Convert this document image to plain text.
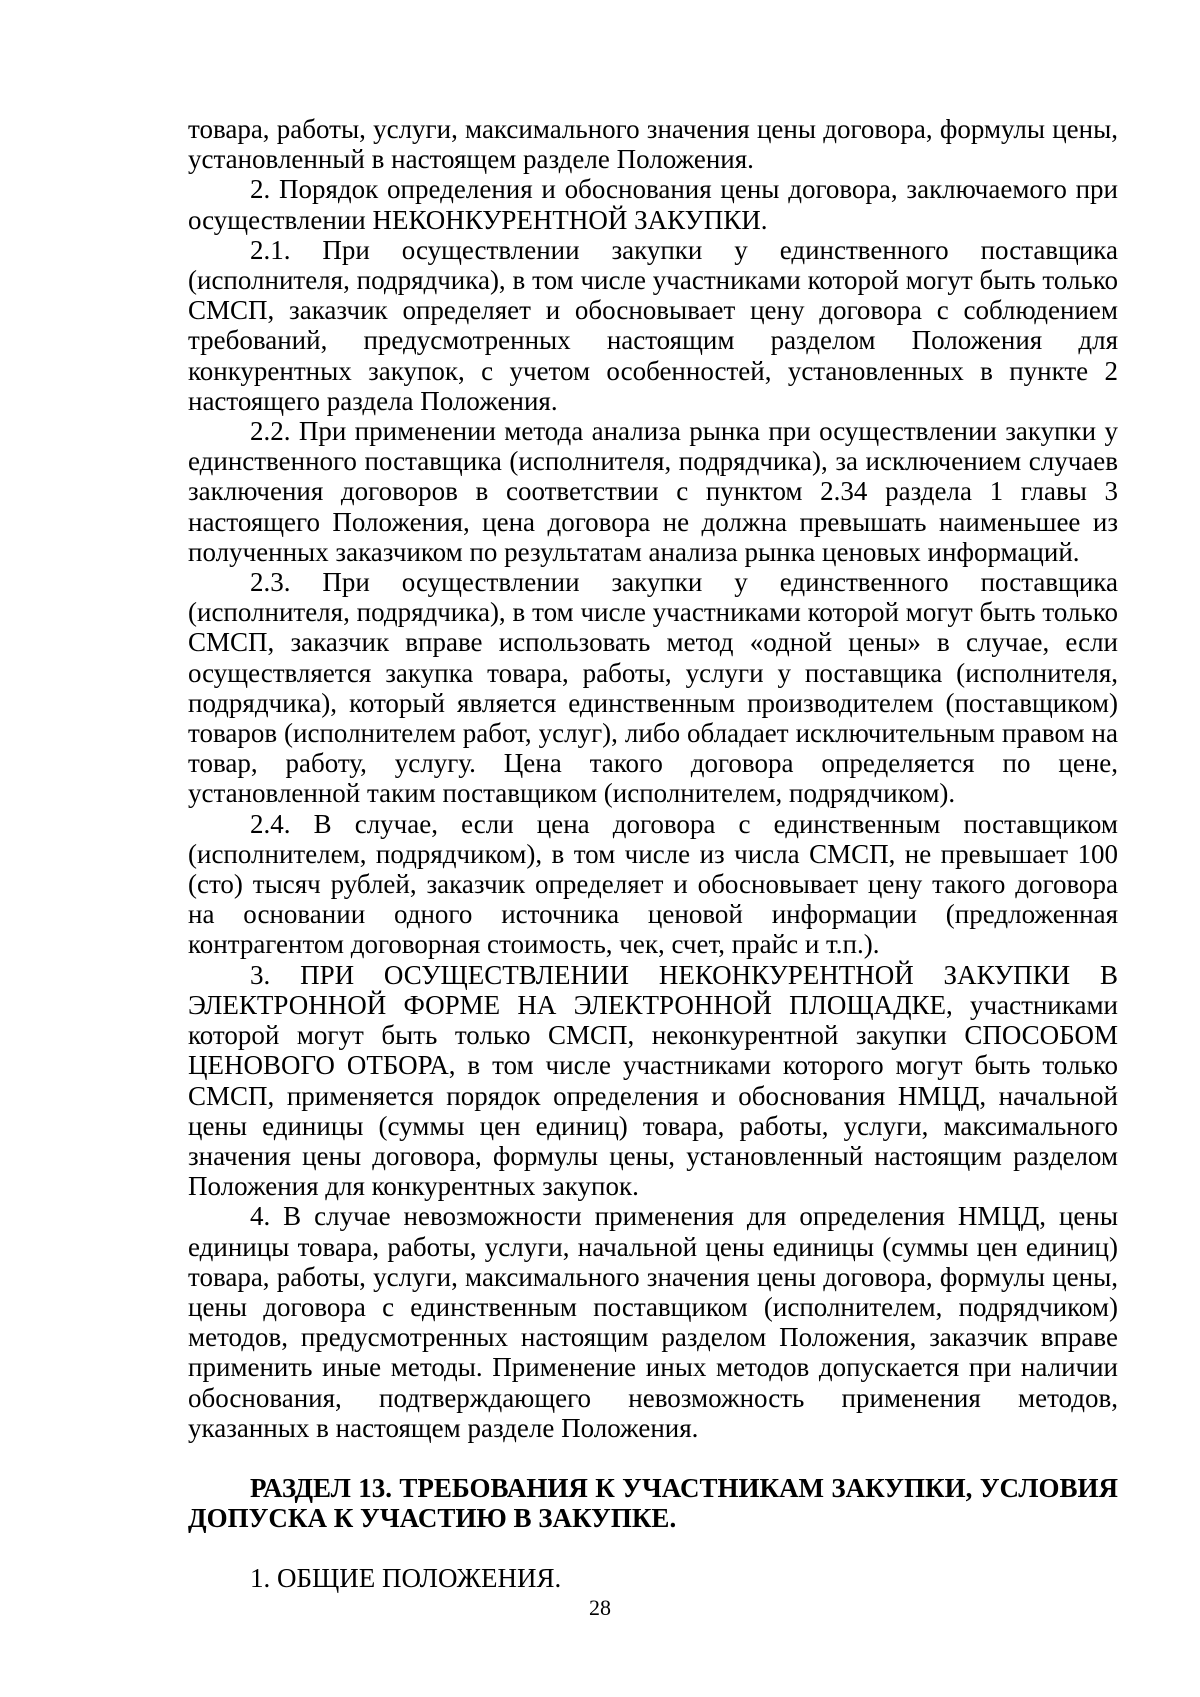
товара, работы, услуги, максимального значения цены договора, формулы цены, установленный в настоящем разделе Положения.

2. Порядок определения и обоснования цены договора, заключаемого при осуществлении НЕКОНКУРЕНТНОЙ ЗАКУПКИ.

2.1. При осуществлении закупки у единственного поставщика (исполнителя, подрядчика), в том числе участниками которой могут быть только СМСП, заказчик определяет и обосновывает цену договора с соблюдением требований, предусмотренных настоящим разделом Положения для конкурентных закупок, с учетом особенностей, установленных в пункте 2 настоящего раздела Положения.

2.2. При применении метода анализа рынка при осуществлении закупки у единственного поставщика (исполнителя, подрядчика), за исключением случаев заключения договоров в соответствии с пунктом 2.34 раздела 1 главы 3 настоящего Положения, цена договора не должна превышать наименьшее из полученных заказчиком по результатам анализа рынка ценовых информаций.

2.3. При осуществлении закупки у единственного поставщика (исполнителя, подрядчика), в том числе участниками которой могут быть только СМСП, заказчик вправе использовать метод «одной цены» в случае, если осуществляется закупка товара, работы, услуги у поставщика (исполнителя, подрядчика), который является единственным производителем (поставщиком) товаров (исполнителем работ, услуг), либо обладает исключительным правом на товар, работу, услугу. Цена такого договора определяется по цене, установленной таким поставщиком (исполнителем, подрядчиком).

2.4. В случае, если цена договора с единственным поставщиком (исполнителем, подрядчиком), в том числе из числа СМСП, не превышает 100 (сто) тысяч рублей, заказчик определяет и обосновывает цену такого договора на основании одного источника ценовой информации (предложенная контрагентом договорная стоимость, чек, счет, прайс и т.п.).

3. ПРИ ОСУЩЕСТВЛЕНИИ НЕКОНКУРЕНТНОЙ ЗАКУПКИ В ЭЛЕКТРОННОЙ ФОРМЕ НА ЭЛЕКТРОННОЙ ПЛОЩАДКЕ, участниками которой могут быть только СМСП, неконкурентной закупки СПОСОБОМ ЦЕНОВОГО ОТБОРА, в том числе участниками которого могут быть только СМСП, применяется порядок определения и обоснования НМЦД, начальной цены единицы (суммы цен единиц) товара, работы, услуги, максимального значения цены договора, формулы цены, установленный настоящим разделом Положения для конкурентных закупок.

4. В случае невозможности применения для определения НМЦД, цены единицы товара, работы, услуги, начальной цены единицы (суммы цен единиц) товара, работы, услуги, максимального значения цены договора, формулы цены, цены договора с единственным поставщиком (исполнителем, подрядчиком) методов, предусмотренных настоящим разделом Положения, заказчик вправе применить иные методы. Применение иных методов допускается при наличии обоснования, подтверждающего невозможность применения методов, указанных в настоящем разделе Положения.

РАЗДЕЛ 13. ТРЕБОВАНИЯ К УЧАСТНИКАМ ЗАКУПКИ, УСЛОВИЯ ДОПУСКА К УЧАСТИЮ В ЗАКУПКЕ.

1. ОБЩИЕ ПОЛОЖЕНИЯ.

28
